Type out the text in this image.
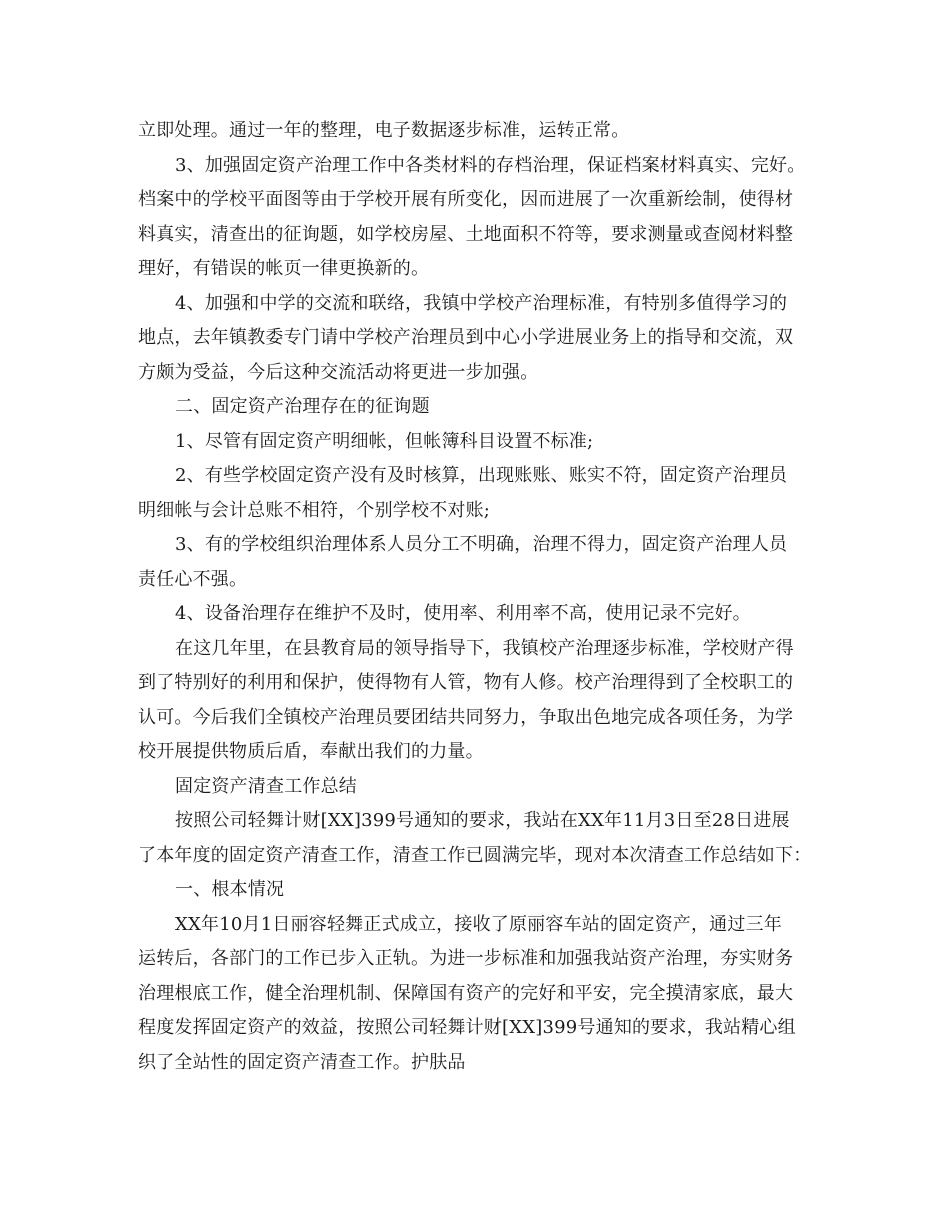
立即处理。通过一年的整理，电子数据逐步标准，运转正常。
3、加强固定资产治理工作中各类材料的存档治理，保证档案材料真实、完好。
档案中的学校平面图等由于学校开展有所变化，因而进展了一次重新绘制，使得材
料真实，清查出的征询题，如学校房屋、土地面积不符等，要求测量或查阅材料整
理好，有错误的帐页一律更换新的。
4、加强和中学的交流和联络，我镇中学校产治理标准，有特别多值得学习的
地点，去年镇教委专门请中学校产治理员到中心小学进展业务上的指导和交流，双
方颇为受益，今后这种交流活动将更进一步加强。
二、固定资产治理存在的征询题
1、尽管有固定资产明细帐，但帐簿科目设置不标准;
2、有些学校固定资产没有及时核算，出现账账、账实不符，固定资产治理员
明细帐与会计总账不相符，个别学校不对账;
3、有的学校组织治理体系人员分工不明确，治理不得力，固定资产治理人员
责任心不强。
4、设备治理存在维护不及时，使用率、利用率不高，使用记录不完好。
在这几年里，在县教育局的领导指导下，我镇校产治理逐步标准，学校财产得
到了特别好的利用和保护，使得物有人管，物有人修。校产治理得到了全校职工的
认可。今后我们全镇校产治理员要团结共同努力，争取出色地完成各项任务，为学
校开展提供物质后盾，奉献出我们的力量。
固定资产清查工作总结
按照公司轻舞计财[XX]399号通知的要求，我站在XX年11月3日至28日进展
了本年度的固定资产清查工作，清查工作已圆满完毕，现对本次清查工作总结如下：
一、根本情况
XX年10月1日丽容轻舞正式成立，接收了原丽容车站的固定资产，通过三年
运转后，各部门的工作已步入正轨。为进一步标准和加强我站资产治理，夯实财务
治理根底工作，健全治理机制、保障国有资产的完好和平安，完全摸清家底，最大
程度发挥固定资产的效益，按照公司轻舞计财[XX]399号通知的要求，我站精心组
织了全站性的固定资产清查工作。护肤品
